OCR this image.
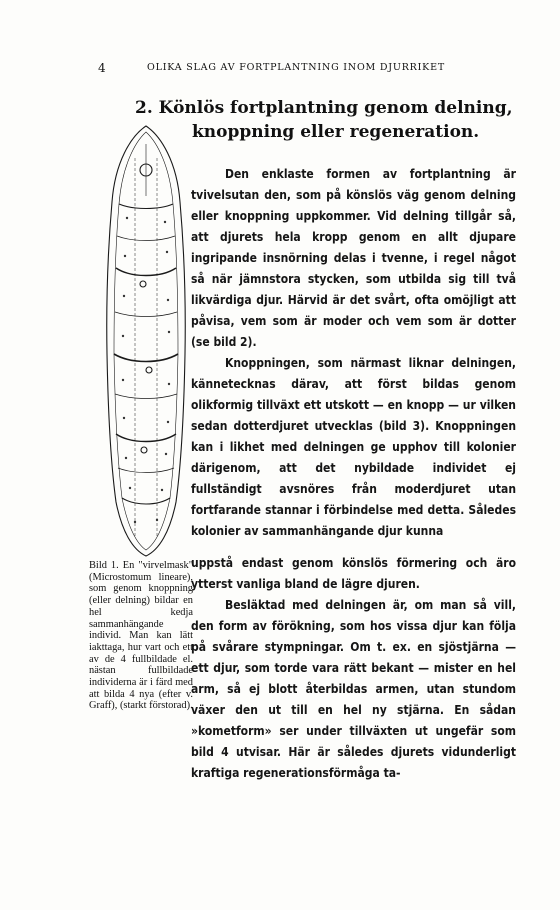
4	OLIKA SLAG AV FORTPLANTNING INOM DJURRIKET
2. Könlös fortplantning genom delning,
knoppning eller regeneration.

Bild 1. En "virvelmask" (Microstomum lineare), som genom knoppning (eller delning) bildar en hel kedja sammanhängande individ. Man kan lätt iakttaga, hur vart och ett av de 4 fullbildade el. nästan fullbildade individerna är i färd med att bilda 4 nya (efter v. Graff), (starkt förstorad).

Den enklaste formen av fortplantning är tvivelsutan den, som på könslös väg genom delning eller knoppning uppkommer. Vid delning tillgår så, att djurets hela kropp genom en allt djupare ingripande insnörning delas i tvenne, i regel något så när jämnstora stycken, som utbilda sig till två likvärdiga djur. Härvid är det svårt, ofta omöjligt att påvisa, vem som är moder och vem som är dotter (se bild 2).

Knoppningen, som närmast liknar delningen, kännetecknas därav, att först bildas genom olikformig tillväxt ett utskott — en knopp — ur vilken sedan dotterdjuret utvecklas (bild 3). Knoppningen kan i likhet med delningen ge upphov till kolonier därigenom, att det nybildade individet ej fullständigt avsnöres från moderdjuret utan fortfarande stannar i förbindelse med detta. Således kolonier av sammanhängande djur kunna

uppstå endast genom könslös förmering och äro ytterst vanliga bland de lägre djuren.

Besläktad med delningen är, om man så vill, den form av förökning, som hos vissa djur kan följa på svårare stympningar. Om t. ex. en sjöstjärna — ett djur, som torde vara rätt bekant — mister en hel arm, så ej blott återbildas armen, utan stundom växer den ut till en hel ny stjärna. En sådan »kometform» ser under tillväxten ut ungefär som bild 4 utvisar. Här är således djurets vidunderligt kraftiga regenerationsförmåga ta-
